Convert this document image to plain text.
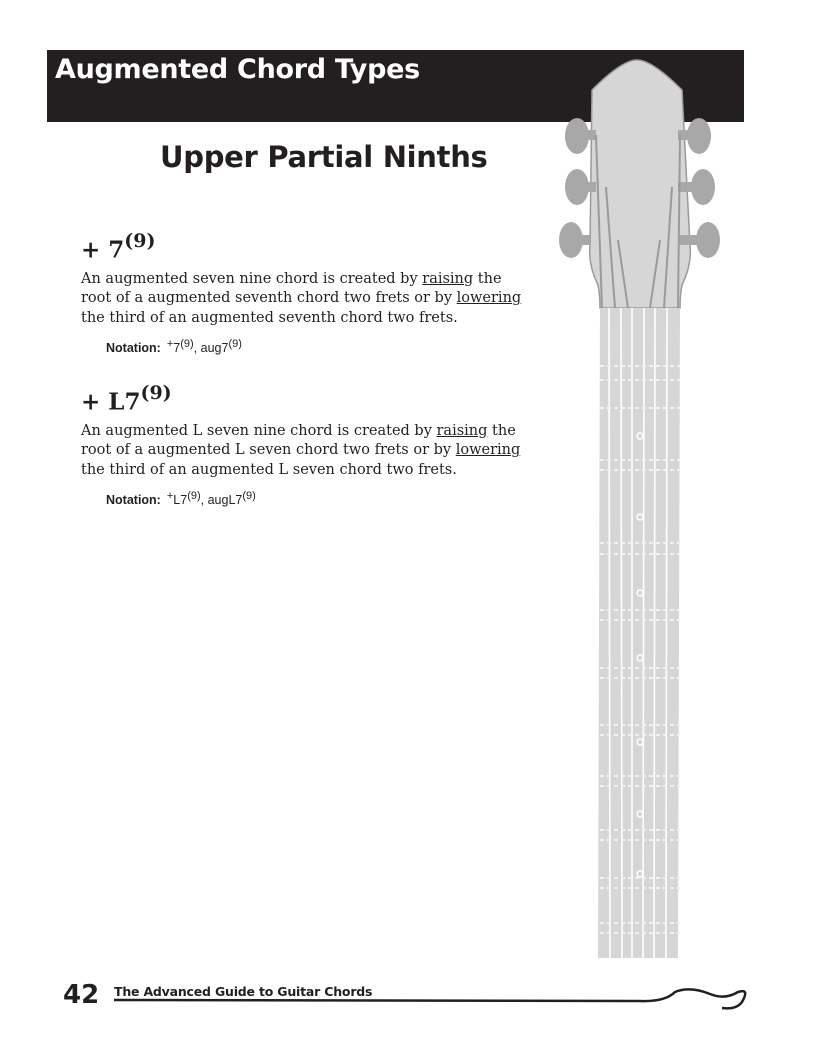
Augmented Chord Types
Upper Partial Ninths
+ $7^{(9)}$

An augmented seven nine chord is created by raising the root of a augmented seventh chord two frets or by lowering the third of an augmented seventh chord two frets.

Notation: +7$^{(9)}$, $aug7^{(9)}$
+ $L7^{(9)}$

An augmented L seven nine chord is created by raising the root of a augmented L seven chord two frets or by lowering the third of an augmented L seven chord two frets.

Notation: +L7$^{(9)}$, augL7$^{(9)}$
42 The Advanced Guide to Guitar Chords
